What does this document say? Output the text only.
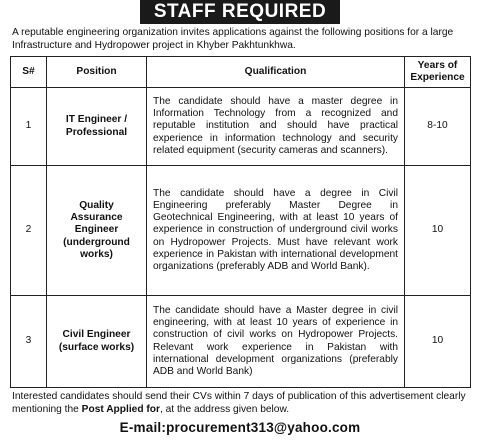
STAFF REQUIRED
A reputable engineering organization invites applications against the following positions for a large Infrastructure and Hydropower project in Khyber Pakhtunkhwa.
S#	Position	Qualification	Years of Experience
1	IT Engineer / Professional	The candidate should have a master degree in Information Technology from a recognized and reputable institution and should have practical experience in information technology and security related equipment (security cameras and scanners).	8-10
2	Quality Assurance Engineer (underground works)	The candidate should have a degree in Civil Engineering preferably Master Degree in Geotechnical Engineering, with at least 10 years of experience in construction of underground civil works on Hydropower Projects. Must have relevant work experience in Pakistan with international development organizations (preferably ADB and World Bank).	10
3	Civil Engineer (surface works)	The candidate should have a Master degree in civil engineering, with at least 10 years of experience in construction of civil works on Hydropower Projects. Relevant work experience in Pakistan with international development organizations (preferably ADB and World Bank)	10
Interested candidates should send their CVs within 7 days of publication of this advertisement clearly mentioning the Post Applied for, at the address given below.
E-mail:procurement313@yahoo.com
